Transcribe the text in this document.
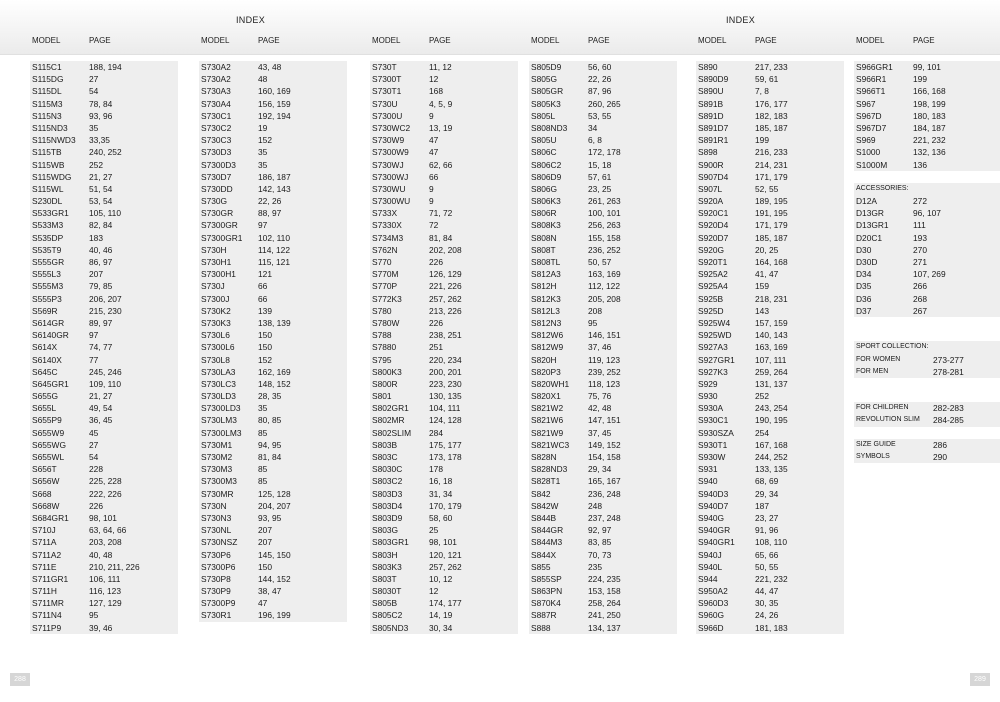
INDEX	INDEX
MODEL	PAGE	MODEL	PAGE	MODEL	PAGE	MODEL	PAGE	MODEL	PAGE	MODEL	PAGE
S115C1	188, 194
S115DG	27
S115DL	54
S115M3	78, 84
S115N3	93, 96
S115ND3	35
S115NWD3 33,35
S115TB	240, 252
S115WB	252
S115WDG 21, 27
S115WL	51, 54
S230DL	53, 54
S533GR1 105, 110
S533M3	82, 84
S535DP	183
S535T9	40, 46
S555GR	86, 97
S555L3	207
S555M3	79, 85
S555P3	206, 207
S569R	215, 230
S614GR	89, 97
S6140GR 97
S614X	74, 77
S6140X	77
S645C	245, 246
S645GR1 109, 110
S655G	21, 27
S655L	49, 54
S655P9	36, 45
S655W9	45
S655WG	27
S655WL	54
S656T	228
S656W	225, 228
S668	222, 226
S668W	226
S684GR1 98, 101
S710J	63, 64, 66
S711A	203, 208
S711A2	40, 48
S711E	210, 211, 226
S711GR1 106, 111
S711H	116, 123
S711MR	127, 129
S711N4	95
S711P9	39, 46
S730A2	43, 48
S730A2	48
S730A3	160, 169
S730A4	156, 159
S730C1	192, 194
S730C2	19
S730C3	152
S730D3	35
S7300D3	35
S730D7	186, 187
S730DD	142, 143
S730G	22, 26
S730GR	88, 97
S7300GR 97
S7300GR1 102, 110
S730H	114, 122
S730H1	115, 121
S7300H1	121
S730J	66
S7300J	66
S730K2	139
S730K3	138, 139
S730L6	150
S7300L6	150
S730L8	152
S730LA3	162, 169
S730LC3	148, 152
S730LD3	28, 35
S7300LD3 35
S730LM3	80, 85
S7300LM3 85
S730M1	94, 95
S730M2	81, 84
S730M3	85
S7300M3	85
S730MR	125, 128
S730N	204, 207
S730N3	93, 95
S730NL	207
S730NSZ 207
S730P6	145, 150
S7300P6	150
S730P8	144, 152
S730P9	38, 47
S7300P9	47
S730R1	196, 199
S730T	11, 12
S7300T	12
S730T1	168
S730U	4, 5, 9
S7300U	9
S730WC2 13, 19
S730W9	47
S7300W9 47
S730WJ	62, 66
S7300WJ 66
S730WU	9
S7300WU 9
S733X	71, 72
S7330X	72
S734M3	81, 84
S762N	202, 208
S770	226
S770M	126, 129
S770P	221, 226
S772K3	257, 262
S780	213, 226
S780W	226
S788	238, 251
S7880	251
S795	220, 234
S800K3	200, 201
S800R	223, 230
S801	130, 135
S802GR1 104, 111
S802MR	124, 128
S802SLIM 284
S803B	175, 177
S803C	173, 178
S8030C	178
S803C2	16, 18
S803D3	31, 34
S803D4	170, 179
S803D9	58, 60
S803G	25
S803GR1 98, 101
S803H	120, 121
S803K3	257, 262
S803T	10, 12
S8030T	12
S805B	174, 177
S805C2	14, 19
S805ND3 30, 34
S805D9	56, 60
S805G	22, 26
S805GR	87, 96
S805K3	260, 265
S805L	53, 55
S808ND3 34
S805U	6, 8
S806C	172, 178
S806C2	15, 18
S806D9	57, 61
S806G	23, 25
S806K3	261, 263
S806R	100, 101
S808K3	256, 263
S808N	155, 158
S808T	236, 252
S808TL	50, 57
S812A3	163, 169
S812H	112, 122
S812K3	205, 208
S812L3	208
S812N3	95
S812W6	146, 151
S812W9	37, 46
S820H	119, 123
S820P3	239, 252
S820WH1 118, 123
S820X1	75, 76
S821W2	42, 48
S821W6	147, 151
S821W9	37, 45
S821WC3 149, 152
S828N	154, 158
S828ND3 29, 34
S828T1	165, 167
S842	236, 248
S842W	248
S844B	237, 248
S844GR	92, 97
S844M3	83, 85
S844X	70, 73
S855	235
S855SP	224, 235
S863PN	153, 158
S870K4	258, 264
S887R	241, 250
S888	134, 137
S890	217, 233
S890D9	59, 61
S890U	7, 8
S891B	176, 177
S891D	182, 183
S891D7	185, 187
S891R1	199
S898	216, 233
S900R	214, 231
S907D4	171, 179
S907L	52, 55
S920A	189, 195
S920C1	191, 195
S920D4	171, 179
S920D7	185, 187
S920G	20, 25
S920T1	164, 168
S925A2	41, 47
S925A4	159
S925B	218, 231
S925D	143
S925W4	157, 159
S925WD	140, 143
S927A3	163, 169
S927GR1 107, 111
S927K3	259, 264
S929	131, 137
S930	252
S930A	243, 254
S930C1	190, 195
S930SZA	254
S930T1	167, 168
S930W	244, 252
S931	133, 135
S940	68, 69
S940D3	29, 34
S940D7	187
S940G	23, 27
S940GR	91, 96
S940GR1 108, 110
S940J	65, 66
S940L	50, 55
S944	221, 232
S950A2	44, 47
S960D3	30, 35
S960G	24, 26
S966D	181, 183
S966GR1 99, 101
S966R1	199
S966T1	166, 168
S967	198, 199
S967D	180, 183
S967D7	184, 187
S969	221, 232
S1000	132, 136
S1000M	136
ACCESSORIES:
D12A	272
D13GR	96, 107
D13GR1	111
D20C1	193
D30	270
D30D	271
D34	107, 269
D35	266
D36	268
D37	267
SPORT COLLECTION:
FOR WOMEN	273-277
FOR MEN	278-281
FOR CHILDREN	282-283
REVOLUTION SLIM 284-285
SIZE GUIDE	286
SYMBOLS	290
288	289
